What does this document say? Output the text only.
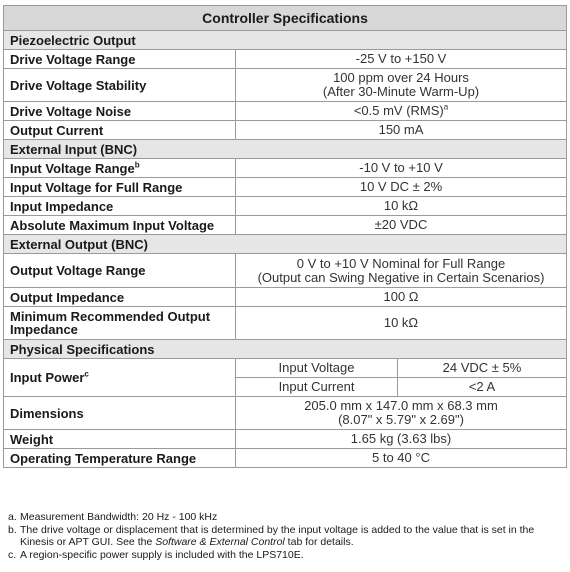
Controller Specifications		
Piezoelectric Output		
Drive Voltage Range	-25 V to +150 V	
Drive Voltage Stability	100 ppm over 24 Hours
(After 30-Minute Warm-Up)	

Drive Voltage Noise	<0.5 mV (RMS)$^a$
Output Current	150 mA	
External Input (BNC)		
Input Voltage Range$^b$	-10 V to +10 V	
Input Voltage for Full Range	10 V DC ± 2%	
Input Impedance	10 kΩ	
Absolute Maximum Input Voltage	±20 VDC	
External Output (BNC)		
Output Voltage Range	0 V to +10 V Nominal for Full Range
(Output can Swing Negative in Certain Scenarios)	

Output Impedance	100 Ω	

Minimum Recommended Output
Impedance	10 kΩ	
Physical Specifications		
Input Power$^c$	Input Voltage	24 VDC ± 5%
	Input Current	<2 A
Dimensions	205.0 mm x 147.0 mm x 68.3 mm
(8.07" x 5.79" x 2.69")	

Weight	1.65 kg (3.63 lbs)	
Operating Temperature Range	5 to 40 °C	
a. Measurement Bandwidth: 20 Hz - 100 kHz
b. The drive voltage or displacement that is determined by the input voltage is added to the value that is set in the Kinesis or APT GUI. See the Software & External Control tab for details.
c. A region-specific power supply is included with the LPS710E.
